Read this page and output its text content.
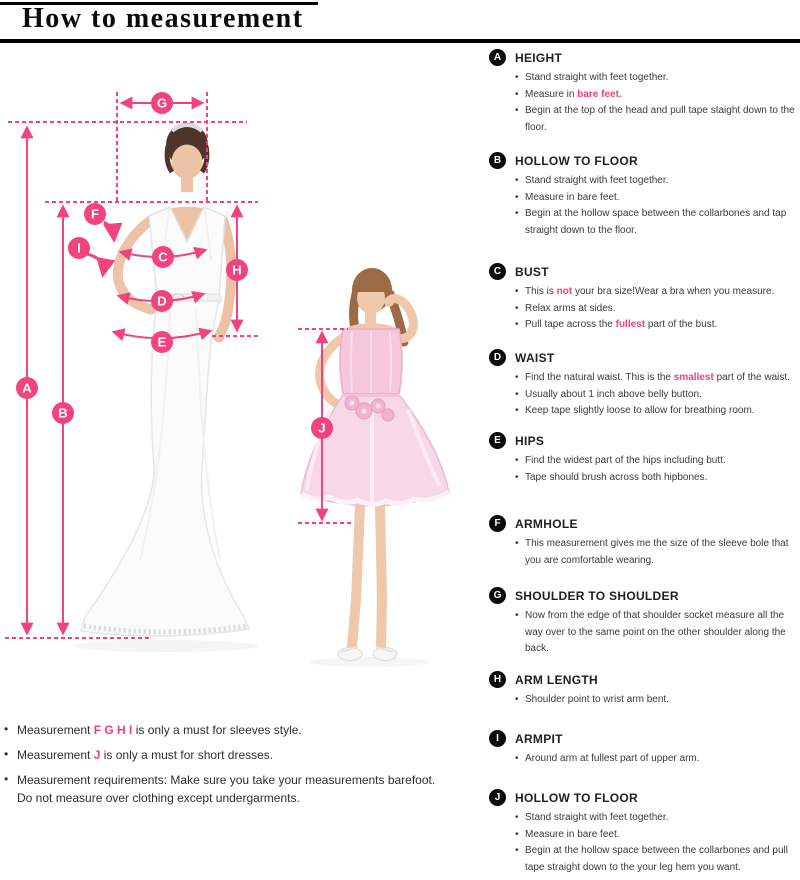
How to measurement
G
A
B
F
I
C
D
E
H
J
A	HEIGHT
• Stand straight with feet together.
• Measure in bare feet.
• Begin at the top of the head and pull tape staight down to the floor.
B	HOLLOW TO FLOOR
• Stand straight with feet together.
• Measure in bare feet.
• Begin at the hollow space between the collarbones and tap straight down to the floor.
C	BUST
• This is not your bra size!Wear a bra when you measure.
• Relax arms at sides.
• Pull tape across the fullest part of the bust.
D	WAIST
• Find the natural waist. This is the smallest part of the waist.
• Usually about 1 inch above belly button.
• Keep tape slightly loose to allow for breathing room.
E	HIPS
• Find the widest part of the hips including butt.
• Tape should brush across both hipbones.
F	ARMHOLE
• This measurement gives me the size of the sleeve bole that you are comfortable wearing.
G	SHOULDER TO SHOULDER
• Now from the edge of that shoulder socket measure all the way over to the same point on the other shoulder along the back.
H	ARM LENGTH
• Shoulder point to wrist arm bent.
I	ARMPIT
• Around arm at fullest part of upper arm.
J	HOLLOW TO FLOOR
• Stand straight with feet together.
• Measure in bare feet.
• Begin at the hollow space between the collarbones and pull tape straight down to the your leg hem you want.
• Measurement F G H I is only a must for sleeves style.
• Measurement J is only a must for short dresses.
• Measurement requirements: Make sure you take your measurements barefoot.
Do not measure over clothing except undergarments.
